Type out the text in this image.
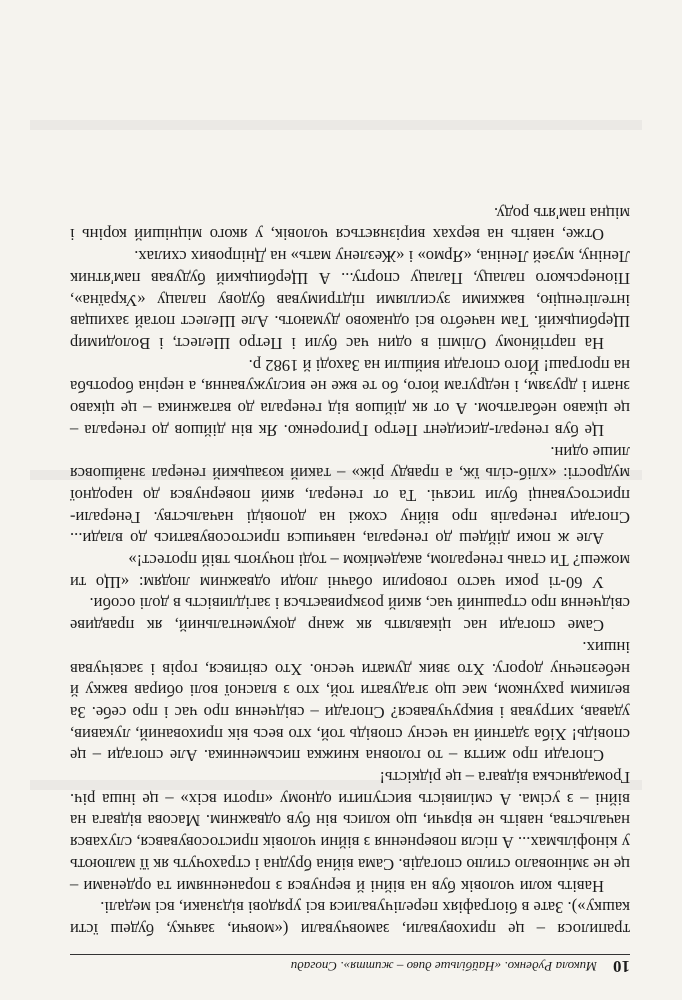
10
Микола Руденко. «Найбільше диво – життя». Спогади

трапилося – це приховували, замовчували («мовчи, заячку, будеш їсти кашку»). Зате в біографіях перелічувалися всі урядові відзнаки, всі медалі.

Навіть коли чоловік був на війні й вернувся з пораненнями та орденами – це не змінювало стилю спогадів. Сама війна брудна і страхочуть як її малюють у кінофільмах... А після повернення з війни чоловік пристосовувався, слухався начальства, навіть не вірячи, що колись він був одважним. Масова відвага на війні – з усіма. А сміливість виступити одному «проти всіх» – це інша річ. Громадянська відвага – це рідкість!

Спогади про життя – то головна книжка письменника. Але спогади – це сповідь! Хіба здатний на чесну сповідь той, хто весь вік прихований, лукавив, удавав, хитрував і викручувався? Спогади – свідчення про час і про себе. За великим рахунком, має що згадувати той, хто з власної волі обирав важку й небезпечну дорогу. Хто звик думати чесно. Хто світився, горів і засвічував інших.

Саме спогади нас цікавлять як жанр документальний, як правдиве свідчення про страшний час, який розкривається і загідливість в долі особи.

У 60-ті роки часто говорили обачні люди одважним людям: «Що ти можеш? Ти стань генералом, академіком – тоді почують твій протест!»

Але ж поки дійдеш до генерала, навчишся пристосовуватись до влади... Спогади генералів про війну схожі на доповіді начальству. Генерали-пристосуванці були тисячі. Та от генерал, який повернувся до народної мудрості: «хліб-сіль їж, а правду ріж» – такий козацький генерал знайшовся лише один.

Це був генерал-дисидент Петро Григоренко. Як він дійшов до генерала – це цікаво небагатьом. А от як дійшов від генерала до ватажника – це цікаво знати і друзям, і недругам його, бо те вже не вислужування, а неріна боротьба на програш! Його спогади вийшли на Заході й 1982 р.

На партійному Олімпі в один час були і Петро Шелест, і Володимир Щербицький. Там начебто всі однаково думають. Але Шелест потай захищав інтелігенцію, важкими зусиллями підтримував будову палацу «Україна», Піонерського палацу, Палацу спорту... А Щербицький будував пам'ятник Леніну, музей Леніна, «Ярмо» і «Жезлену мать» на Дніпрових схилах.

Отже, навіть на верхах вирізняється чоловік, у якого міцніший корінь і міцна пам'ять роду.
